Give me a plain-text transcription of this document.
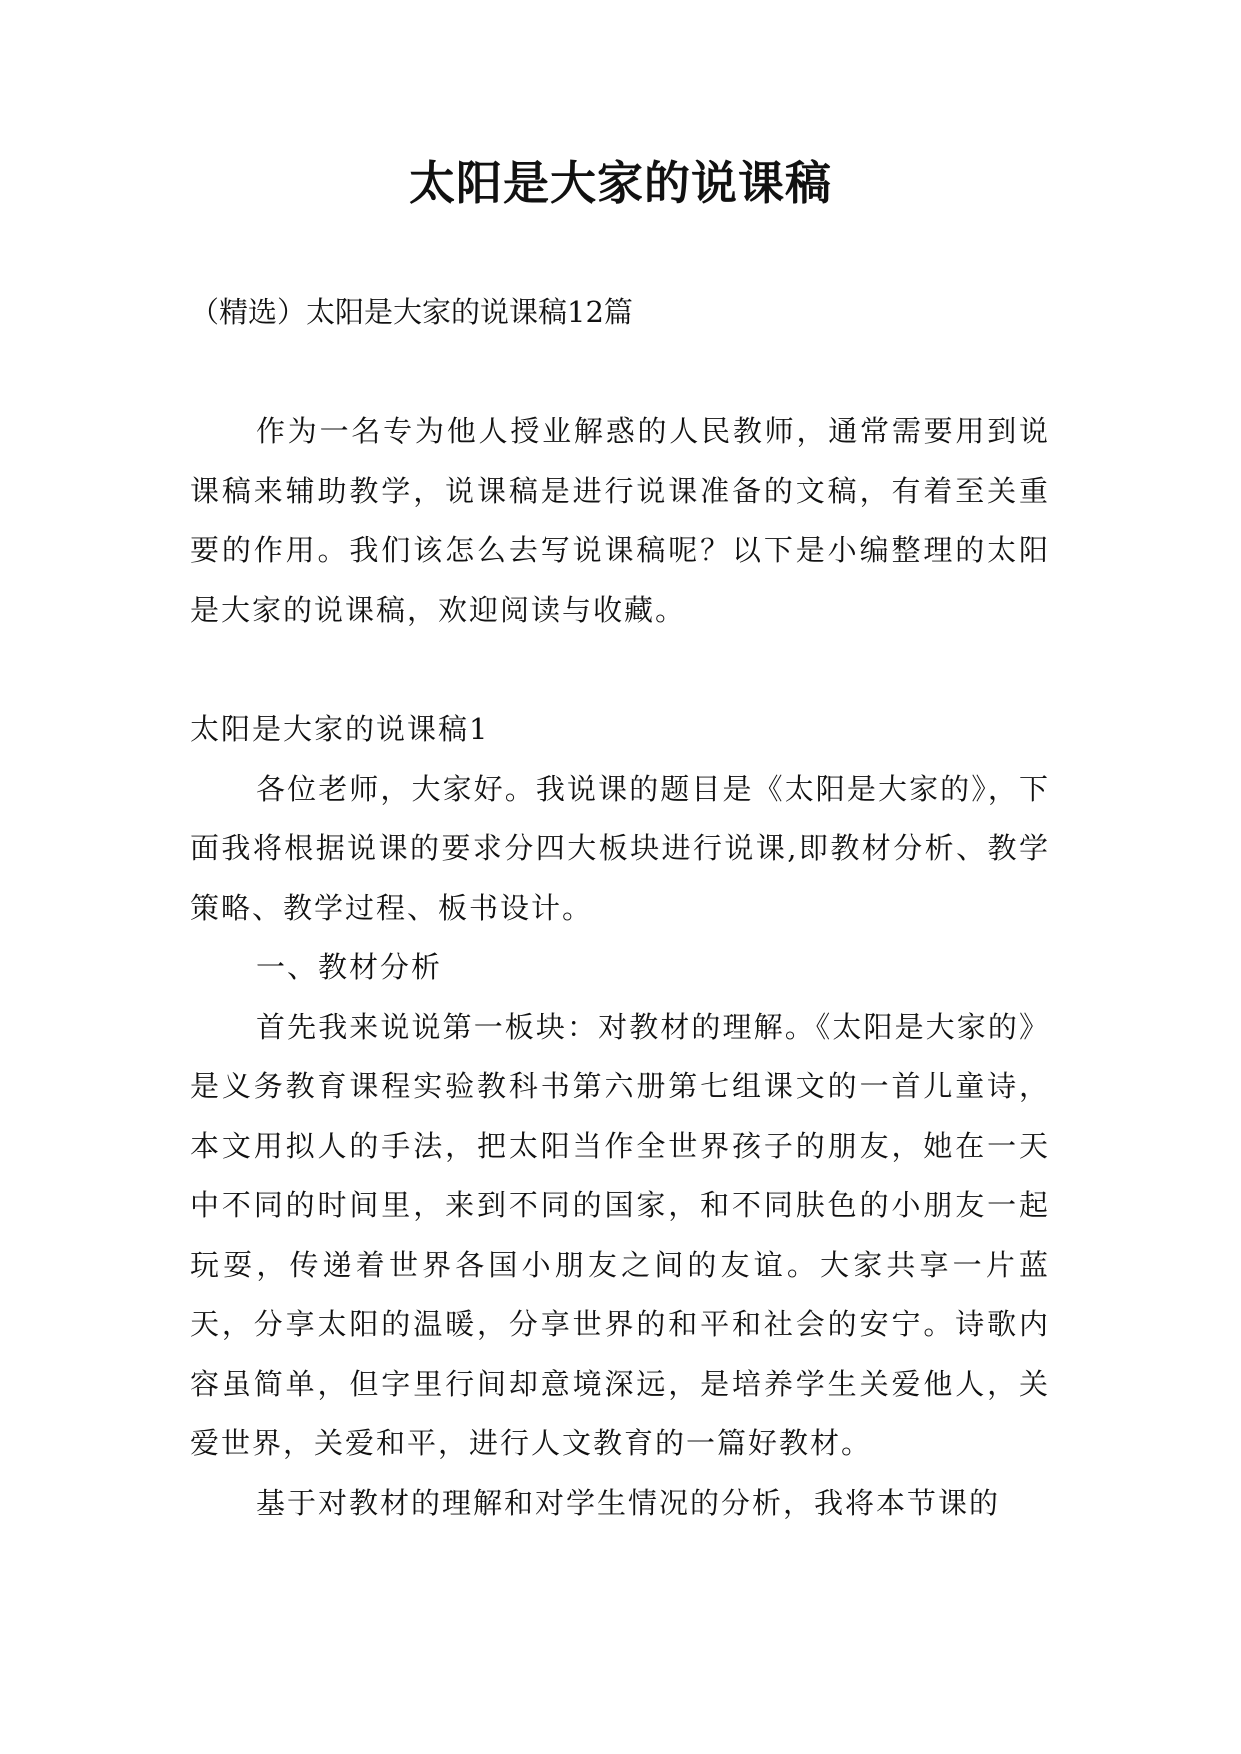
太阳是大家的说课稿
（精选）太阳是大家的说课稿12篇

作为一名专为他人授业解惑的人民教师，通常需要用到说课稿来辅助教学，说课稿是进行说课准备的文稿，有着至关重要的作用。我们该怎么去写说课稿呢？以下是小编整理的太阳是大家的说课稿，欢迎阅读与收藏。

太阳是大家的说课稿1

各位老师，大家好。我说课的题目是《太阳是大家的》，下面我将根据说课的要求分四大板块进行说课,即教材分析、教学策略、教学过程、板书设计。

一、教材分析

首先我来说说第一板块：对教材的理解。《太阳是大家的》是义务教育课程实验教科书第六册第七组课文的一首儿童诗，本文用拟人的手法，把太阳当作全世界孩子的朋友，她在一天中不同的时间里，来到不同的国家，和不同肤色的小朋友一起玩耍，传递着世界各国小朋友之间的友谊。大家共享一片蓝天，分享太阳的温暖，分享世界的和平和社会的安宁。诗歌内容虽简单，但字里行间却意境深远，是培养学生关爱他人，关爱世界，关爱和平，进行人文教育的一篇好教材。

基于对教材的理解和对学生情况的分析，我将本节课的
